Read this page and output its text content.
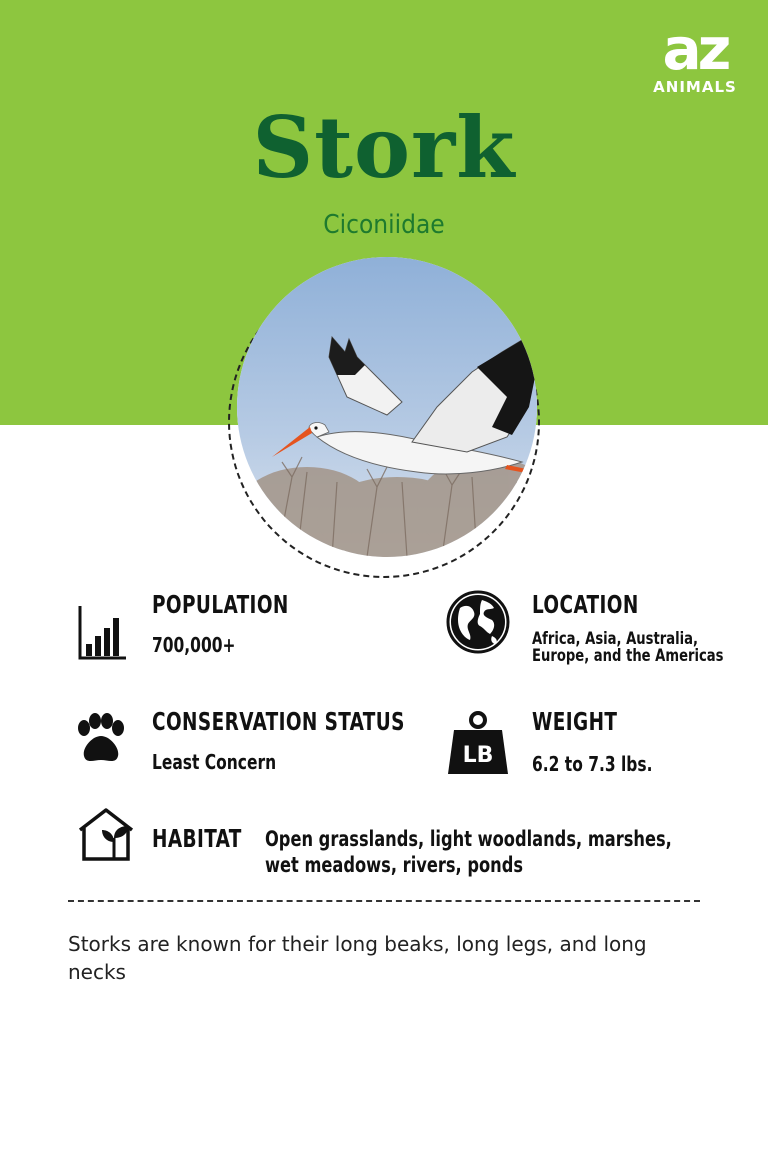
az
ANIMALS
Stork
Ciconiidae
POPULATION
700,000+
LOCATION
Africa, Asia, Australia, Europe, and the Americas
CONSERVATION STATUS
Least Concern	LB
WEIGHT
6.2 to 7.3 lbs.
HABITAT Open grasslands, light woodlands, marshes, wet meadows, rivers, ponds
Storks are known for their long beaks, long legs, and long necks
